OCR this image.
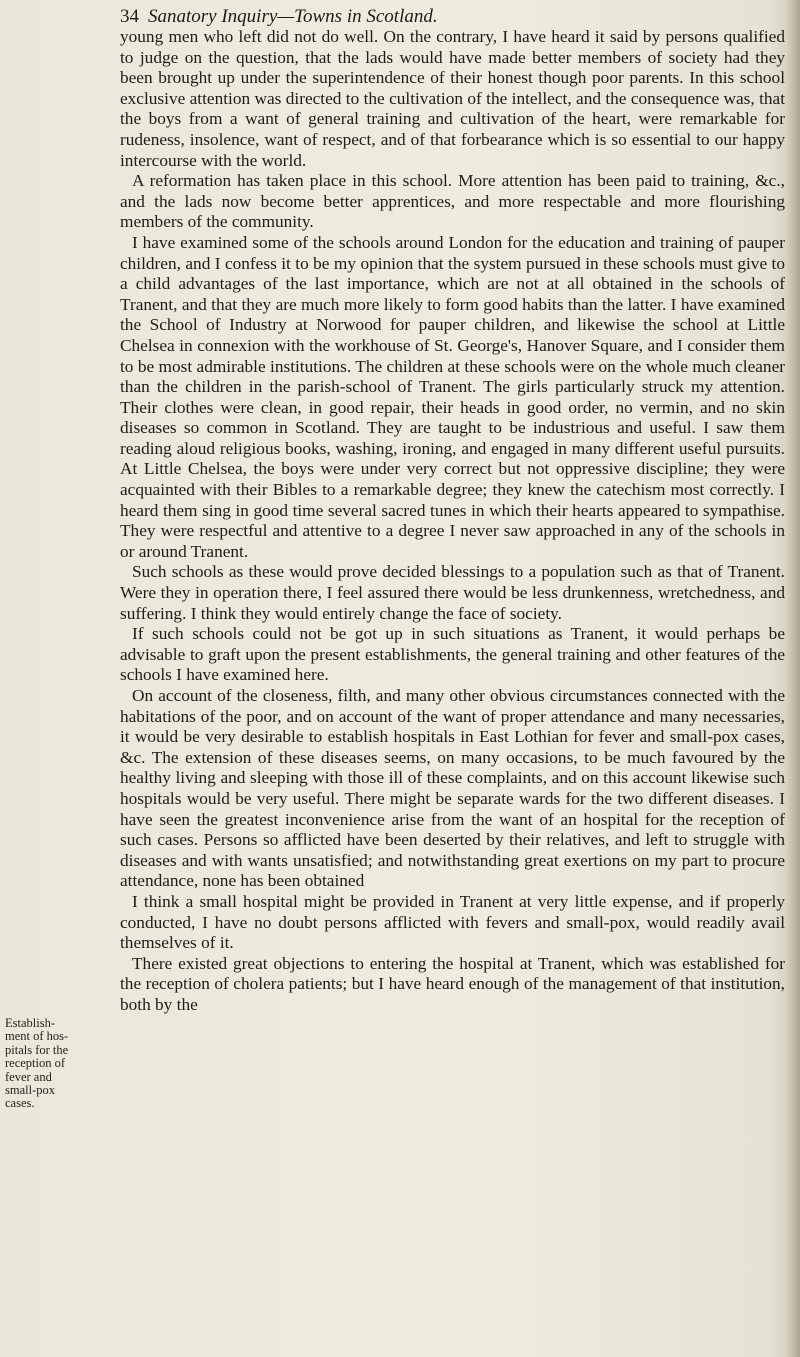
34 Sanatory Inquiry—Towns in Scotland.
Establish-
ment of hos-
pitals for the
reception of
fever and
small-pox
cases.

young men who left did not do well. On the contrary, I have heard it said by persons qualified to judge on the question, that the lads would have made better members of society had they been brought up under the superintendence of their honest though poor parents. In this school exclusive attention was directed to the cultivation of the intellect, and the consequence was, that the boys from a want of general training and cultivation of the heart, were remarkable for rudeness, insolence, want of respect, and of that forbearance which is so essential to our happy intercourse with the world.

A reformation has taken place in this school. More attention has been paid to training, &c., and the lads now become better apprentices, and more respectable and more flourishing members of the community.

I have examined some of the schools around London for the education and training of pauper children, and I confess it to be my opinion that the system pursued in these schools must give to a child advantages of the last importance, which are not at all obtained in the schools of Tranent, and that they are much more likely to form good habits than the latter. I have examined the School of Industry at Norwood for pauper children, and likewise the school at Little Chelsea in connexion with the workhouse of St. George's, Hanover Square, and I consider them to be most admirable institutions. The children at these schools were on the whole much cleaner than the children in the parish-school of Tranent. The girls particularly struck my attention. Their clothes were clean, in good repair, their heads in good order, no vermin, and no skin diseases so common in Scotland. They are taught to be industrious and useful. I saw them reading aloud religious books, washing, ironing, and engaged in many different useful pursuits. At Little Chelsea, the boys were under very correct but not oppressive discipline; they were acquainted with their Bibles to a remarkable degree; they knew the catechism most correctly. I heard them sing in good time several sacred tunes in which their hearts appeared to sympathise. They were respectful and attentive to a degree I never saw approached in any of the schools in or around Tranent.

Such schools as these would prove decided blessings to a population such as that of Tranent. Were they in operation there, I feel assured there would be less drunkenness, wretchedness, and suffering. I think they would entirely change the face of society.

If such schools could not be got up in such situations as Tranent, it would perhaps be advisable to graft upon the present establishments, the general training and other features of the schools I have examined here.

On account of the closeness, filth, and many other obvious circumstances connected with the habitations of the poor, and on account of the want of proper attendance and many necessaries, it would be very desirable to establish hospitals in East Lothian for fever and small-pox cases, &c. The extension of these diseases seems, on many occasions, to be much favoured by the healthy living and sleeping with those ill of these complaints, and on this account likewise such hospitals would be very useful. There might be separate wards for the two different diseases. I have seen the greatest inconvenience arise from the want of an hospital for the reception of such cases. Persons so afflicted have been deserted by their relatives, and left to struggle with diseases and with wants unsatisfied; and notwithstanding great exertions on my part to procure attendance, none has been obtained

I think a small hospital might be provided in Tranent at very little expense, and if properly conducted, I have no doubt persons afflicted with fevers and small-pox, would readily avail themselves of it.

There existed great objections to entering the hospital at Tranent, which was established for the reception of cholera patients; but I have heard enough of the management of that institution, both by the
